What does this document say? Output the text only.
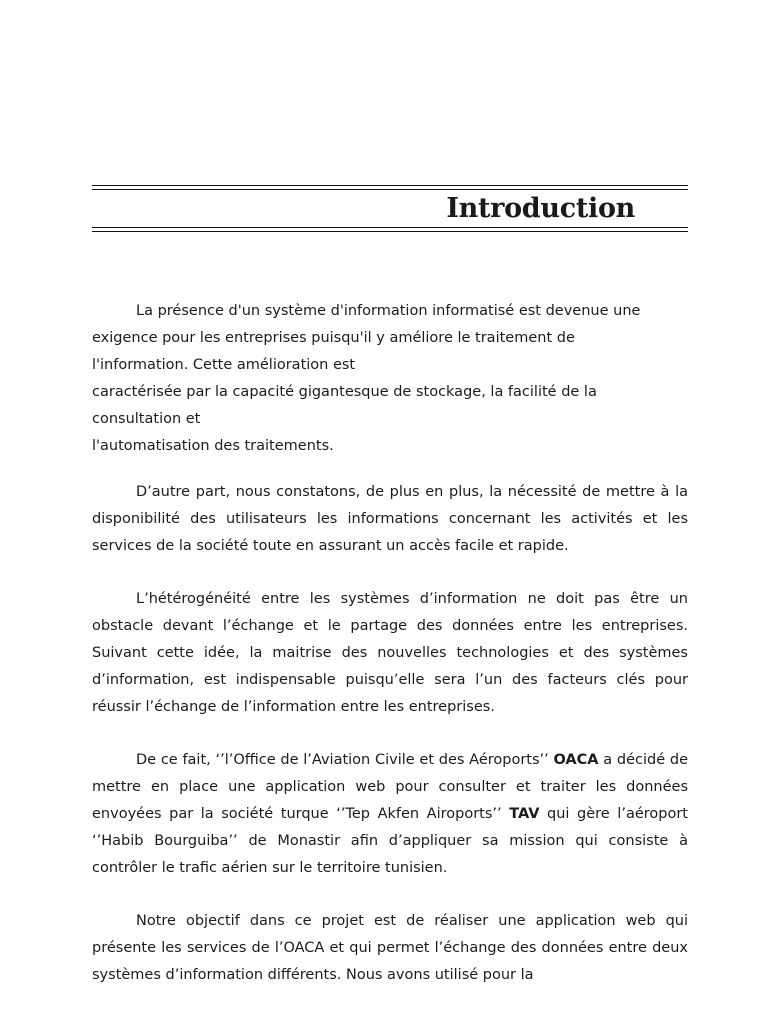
Introduction
La présence d'un système d'information informatisé est devenue une
exigence pour les entreprises puisqu'il y améliore le traitement de
l'information. Cette amélioration est
caractérisée par la capacité gigantesque de stockage, la facilité de la
consultation et
l'automatisation des traitements.

D’autre part, nous constatons, de plus en plus, la nécessité de mettre à la disponibilité des utilisateurs les informations concernant les activités et les services de la société toute en assurant un accès facile et rapide.

L’hétérogénéité entre les systèmes d’information ne doit pas être un obstacle devant l’échange et le partage des données entre les entreprises. Suivant cette idée, la maitrise des nouvelles technologies et des systèmes d’information, est indispensable puisqu’elle sera l’un des facteurs clés pour réussir l’échange de l’information entre les entreprises.

De ce fait, ‘’l’Office de l’Aviation Civile et des Aéroports’’ OACA a décidé de mettre en place une application web pour consulter et traiter les données envoyées par la société turque ‘’Tep Akfen Airoports’’ TAV qui gère l’aéroport ‘’Habib Bourguiba’’ de Monastir afin d’appliquer sa mission qui consiste à contrôler le trafic aérien sur le territoire tunisien.

Notre objectif dans ce projet est de réaliser une application web qui présente les services de l’OACA et qui permet l’échange des données entre deux systèmes d’information différents. Nous avons utilisé pour la
